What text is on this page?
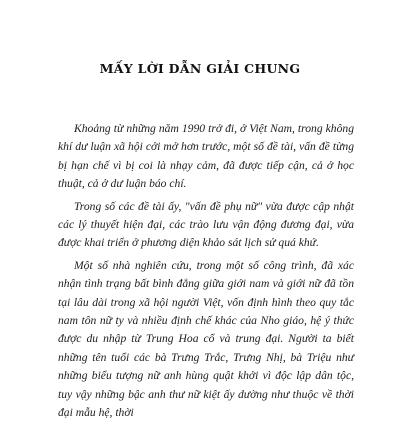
MẤY LỜI DẪN GIẢI CHUNG

Khoảng từ những năm 1990 trở đi, ở Việt Nam, trong không khí dư luận xã hội cởi mở hơn trước, một số đề tài, vấn đề từng bị hạn chế vì bị coi là nhạy cảm, đã được tiếp cận, cả ở học thuật, cả ở dư luận báo chí.

Trong số các đề tài ấy, "vấn đề phụ nữ" vừa được cập nhật các lý thuyết hiện đại, các trào lưu vận động đương đại, vừa được khai triển ở phương diện khảo sát lịch sử quá khứ.

Một số nhà nghiên cứu, trong một số công trình, đã xác nhận tình trạng bất bình đẳng giữa giới nam và giới nữ đã tồn tại lâu dài trong xã hội người Việt, vốn định hình theo quy tắc nam tôn nữ ty và nhiều định chế khác của Nho giáo, hệ ý thức được du nhập từ Trung Hoa cổ và trung đại. Người ta biết những tên tuổi các bà Trưng Trắc, Trưng Nhị, bà Triệu như những biểu tượng nữ anh hùng quật khởi vì độc lập dân tộc, tuy vậy những bậc anh thư nữ kiệt ấy dường như thuộc về thời đại mẫu hệ, thời
